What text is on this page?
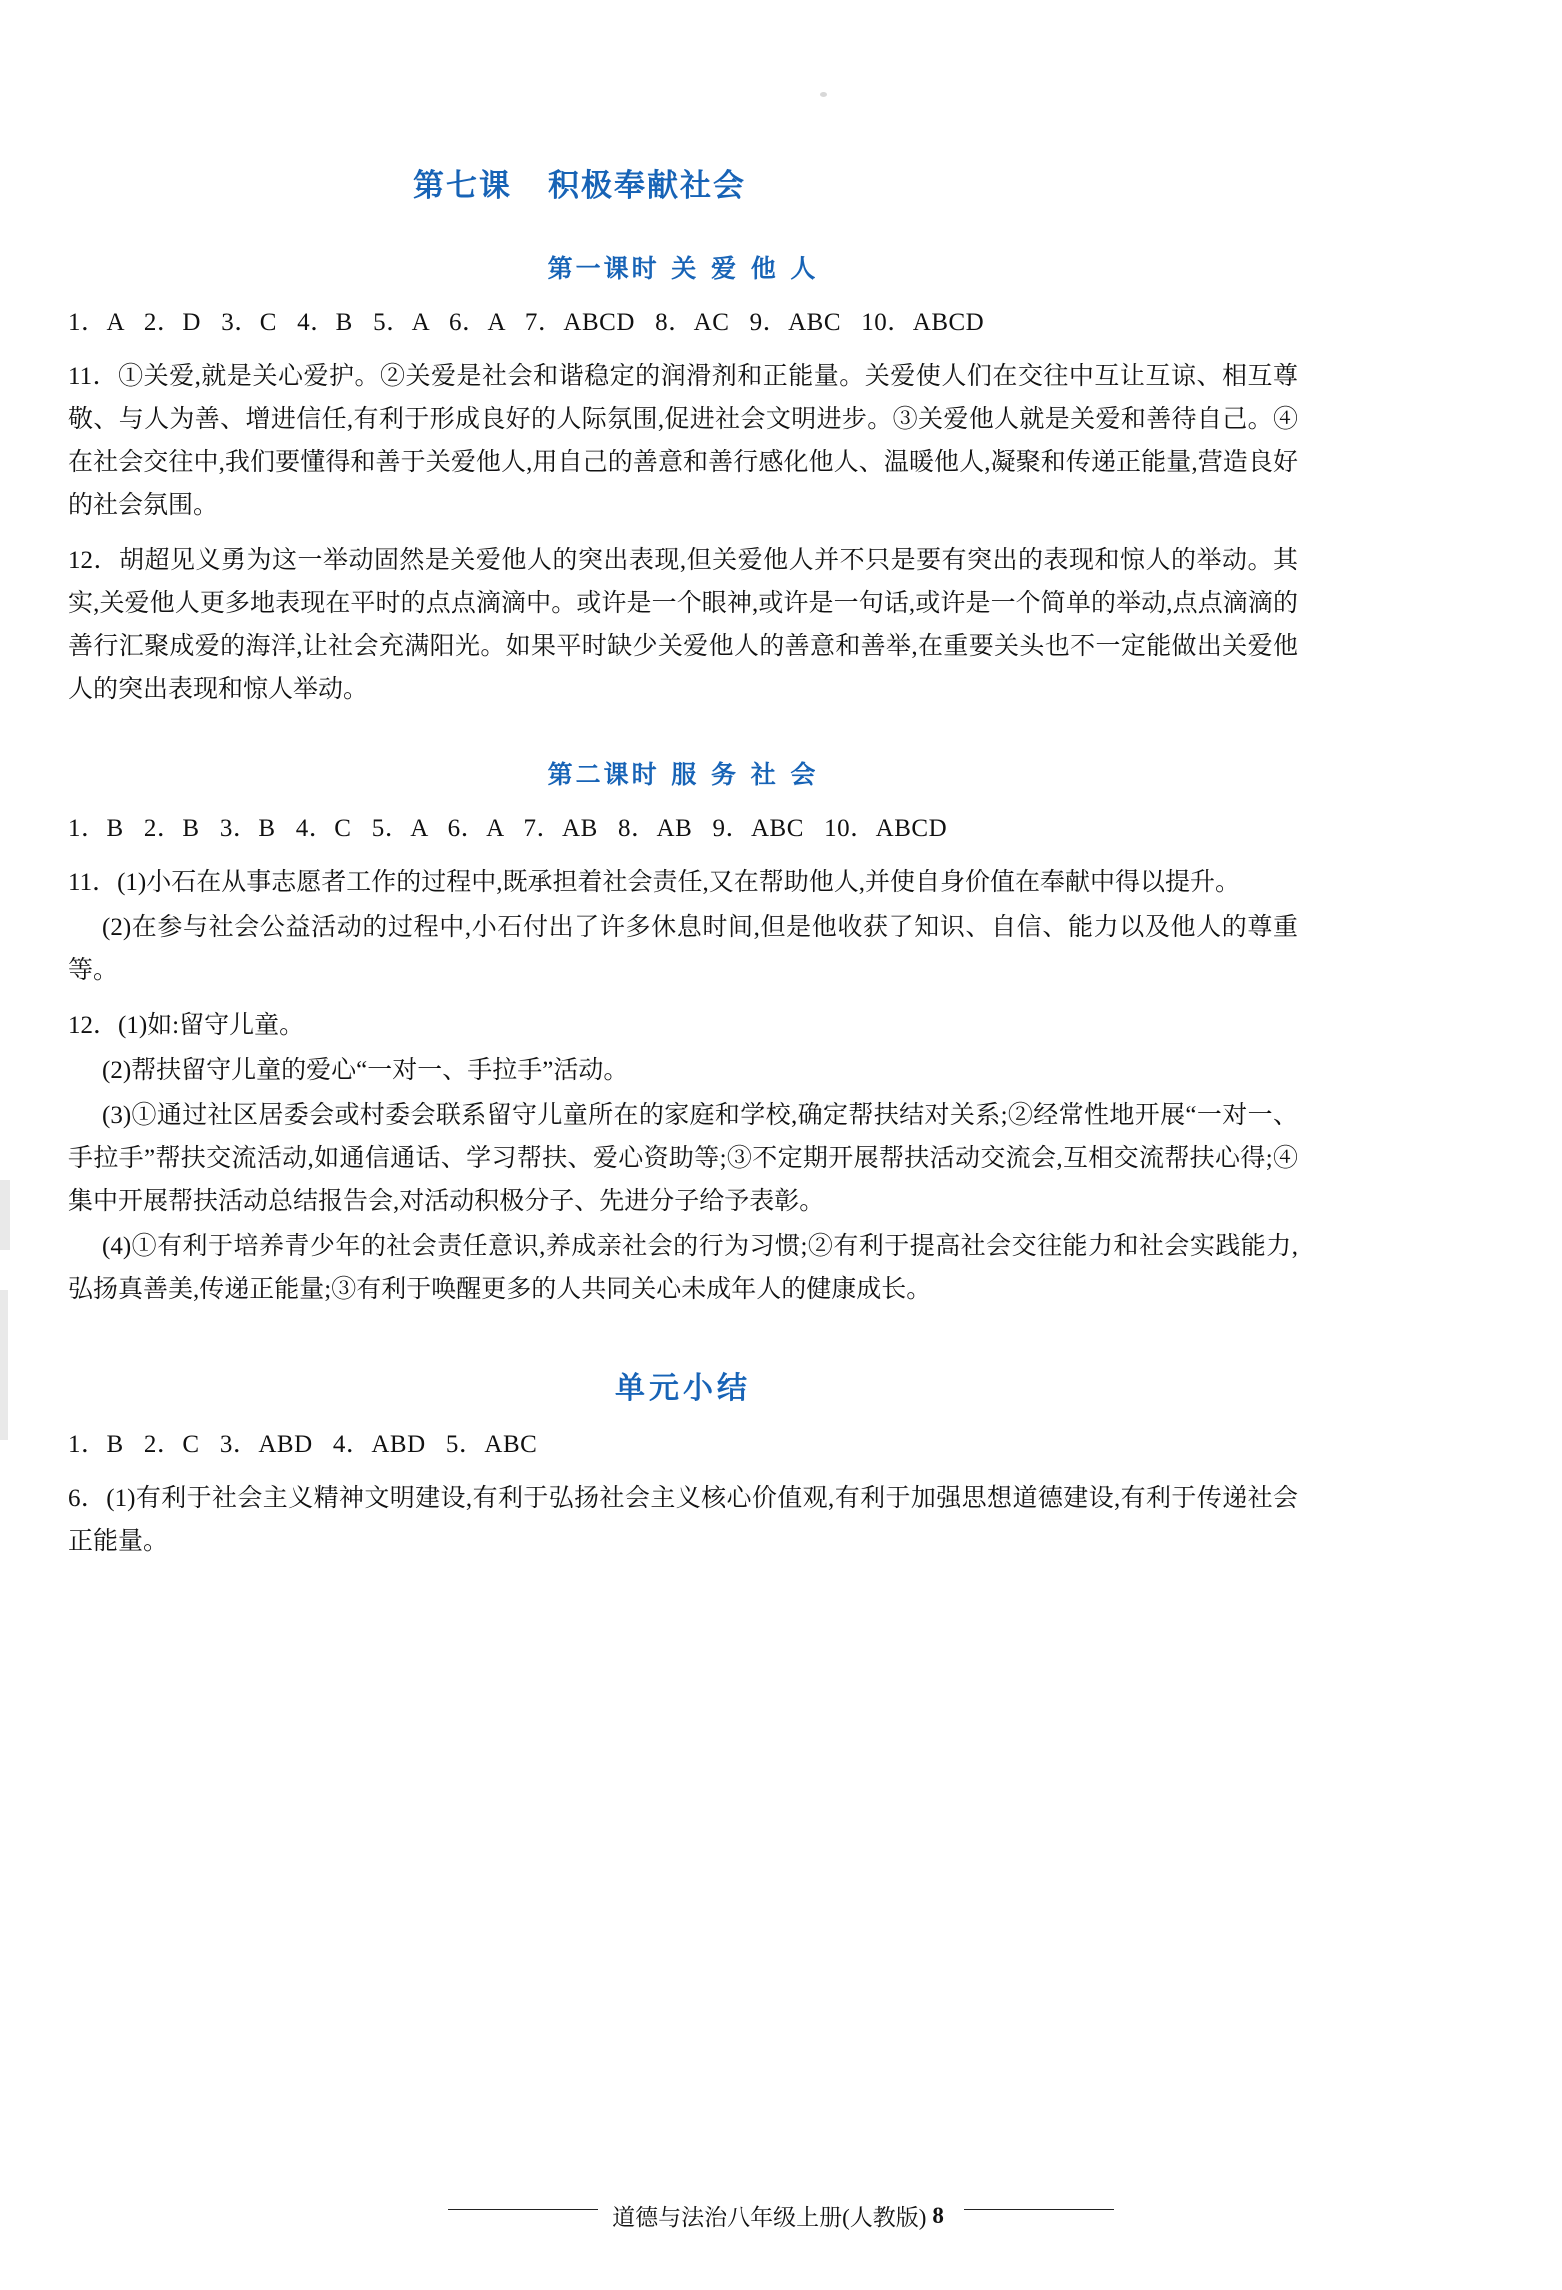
第七课 积极奉献社会
第一课时 关 爱 他 人
1．A   2．D   3．C   4．B   5．A   6．A   7．ABCD   8．AC   9．ABC   10．ABCD

11．①关爱,就是关心爱护。②关爱是社会和谐稳定的润滑剂和正能量。关爱使人们在交往中互让互谅、相互尊敬、与人为善、增进信任,有利于形成良好的人际氛围,促进社会文明进步。③关爱他人就是关爱和善待自己。④在社会交往中,我们要懂得和善于关爱他人,用自己的善意和善行感化他人、温暖他人,凝聚和传递正能量,营造良好的社会氛围。

12．胡超见义勇为这一举动固然是关爱他人的突出表现,但关爱他人并不只是要有突出的表现和惊人的举动。其实,关爱他人更多地表现在平时的点点滴滴中。或许是一个眼神,或许是一句话,或许是一个简单的举动,点点滴滴的善行汇聚成爱的海洋,让社会充满阳光。如果平时缺少关爱他人的善意和善举,在重要关头也不一定能做出关爱他人的突出表现和惊人举动。

第二课时 服 务 社 会
1．B   2．B   3．B   4．C   5．A   6．A   7．AB   8．AB   9．ABC   10．ABCD

11．(1)小石在从事志愿者工作的过程中,既承担着社会责任,又在帮助他人,并使自身价值在奉献中得以提升。

(2)在参与社会公益活动的过程中,小石付出了许多休息时间,但是他收获了知识、自信、能力以及他人的尊重等。

12．(1)如:留守儿童。

(2)帮扶留守儿童的爱心“一对一、手拉手”活动。

(3)①通过社区居委会或村委会联系留守儿童所在的家庭和学校,确定帮扶结对关系;②经常性地开展“一对一、手拉手”帮扶交流活动,如通信通话、学习帮扶、爱心资助等;③不定期开展帮扶活动交流会,互相交流帮扶心得;④集中开展帮扶活动总结报告会,对活动积极分子、先进分子给予表彰。

(4)①有利于培养青少年的社会责任意识,养成亲社会的行为习惯;②有利于提高社会交往能力和社会实践能力,弘扬真善美,传递正能量;③有利于唤醒更多的人共同关心未成年人的健康成长。

单元小结
1．B   2．C   3．ABD   4．ABD   5．ABC

6．(1)有利于社会主义精神文明建设,有利于弘扬社会主义核心价值观,有利于加强思想道德建设,有利于传递社会正能量。

道德与法治八年级上册(人教版) 8
